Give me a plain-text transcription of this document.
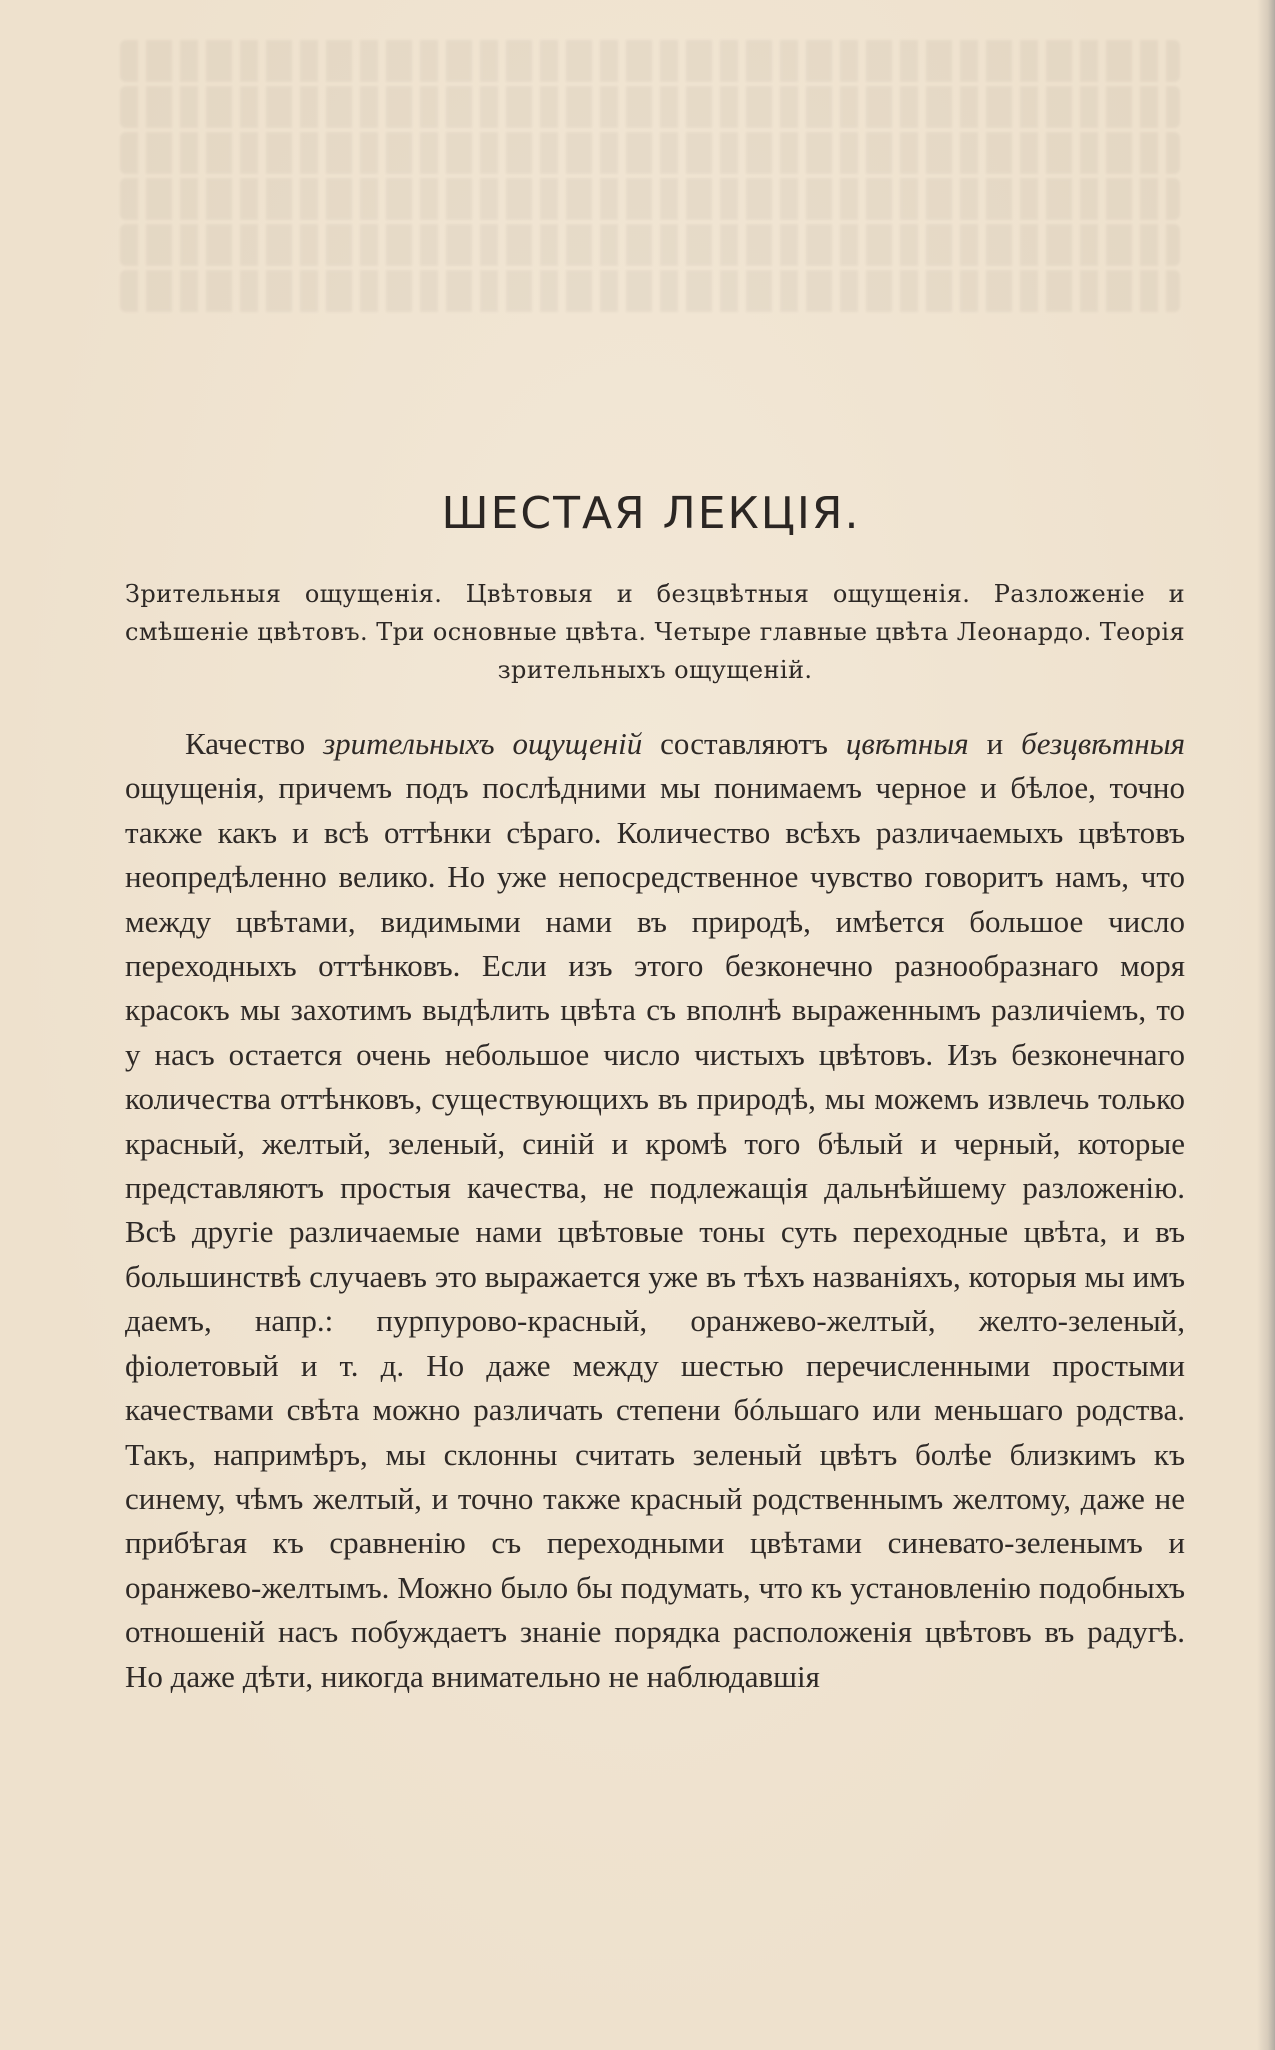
ШЕСТАЯ ЛЕКЦІЯ.

Зрительныя ощущенія. Цвѣтовыя и безцвѣтныя ощущенія. Разложеніе и смѣшеніе цвѣтовъ. Три основные цвѣта. Четыре главные цвѣта Леонардо. Теорія зрительныхъ ощущеній.

Качество зрительныхъ ощущеній составляютъ цвѣтныя и безцвѣтныя ощущенія, причемъ подъ послѣдними мы понимаемъ черное и бѣлое, точно также какъ и всѣ оттѣнки сѣраго. Количество всѣхъ различаемыхъ цвѣтовъ неопредѣленно велико. Но уже непосредственное чувство говоритъ намъ, что между цвѣтами, видимыми нами въ природѣ, имѣется большое число переходныхъ оттѣнковъ. Если изъ этого безконечно разнообразнаго моря красокъ мы захотимъ выдѣлить цвѣта съ вполнѣ выраженнымъ различіемъ, то у насъ остается очень небольшое число чистыхъ цвѣтовъ. Изъ безконечнаго количества оттѣнковъ, существующихъ въ природѣ, мы можемъ извлечь только красный, желтый, зеленый, синій и кромѣ того бѣлый и черный, которые представляютъ простыя качества, не подлежащія дальнѣйшему разложенію. Всѣ другіе различаемые нами цвѣтовые тоны суть переходные цвѣта, и въ большинствѣ случаевъ это выражается уже въ тѣхъ названіяхъ, которыя мы имъ даемъ, напр.: пурпурово-красный, оранжево-желтый, желто-зеленый, фіолетовый и т. д. Но даже между шестью перечисленными простыми качествами свѣта можно различать степени бóльшаго или меньшаго родства. Такъ, напримѣръ, мы склонны считать зеленый цвѣтъ болѣе близкимъ къ синему, чѣмъ желтый, и точно также красный родственнымъ желтому, даже не прибѣгая къ сравненію съ переходными цвѣтами синевато-зеленымъ и оранжево-желтымъ. Можно было бы подумать, что къ установленію подобныхъ отношеній насъ побуждаетъ знаніе порядка расположенія цвѣтовъ въ радугѣ. Но даже дѣти, никогда внимательно не наблюдавшія
